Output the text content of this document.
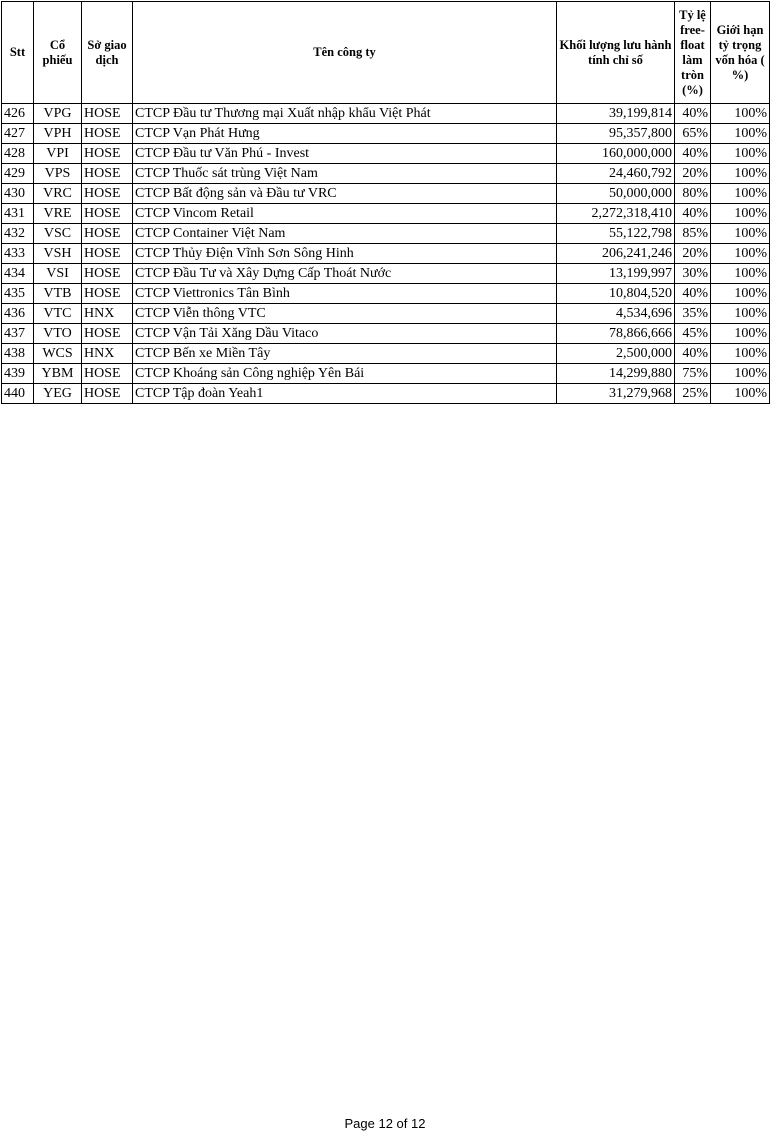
Stt	Cổ phiếu	Sở giao dịch	Tên công ty	Khối lượng lưu hành tính chỉ số	Tỷ lệ free-float làm tròn (%)	Giới hạn tỷ trọng vốn hóa ( %)
426	VPG	HOSE	CTCP Đầu tư Thương mại Xuất nhập khẩu Việt Phát	39,199,814	40%	100%
427	VPH	HOSE	CTCP Vạn Phát Hưng	95,357,800	65%	100%
428	VPI	HOSE	CTCP Đầu tư Văn Phú - Invest	160,000,000	40%	100%
429	VPS	HOSE	CTCP Thuốc sát trùng Việt Nam	24,460,792	20%	100%
430	VRC	HOSE	CTCP Bất động sản và Đầu tư VRC	50,000,000	80%	100%
431	VRE	HOSE	CTCP Vincom Retail	2,272,318,410	40%	100%
432	VSC	HOSE	CTCP Container Việt Nam	55,122,798	85%	100%
433	VSH	HOSE	CTCP Thủy Điện Vĩnh Sơn Sông Hinh	206,241,246	20%	100%
434	VSI	HOSE	CTCP Đầu Tư và Xây Dựng Cấp Thoát Nước	13,199,997	30%	100%
435	VTB	HOSE	CTCP Viettronics Tân Bình	10,804,520	40%	100%
436	VTC	HNX	CTCP Viễn thông VTC	4,534,696	35%	100%
437	VTO	HOSE	CTCP Vận Tải Xăng Dầu Vitaco	78,866,666	45%	100%
438	WCS	HNX	CTCP Bến xe Miền Tây	2,500,000	40%	100%
439	YBM	HOSE	CTCP Khoáng sản Công nghiệp Yên Bái	14,299,880	75%	100%
440	YEG	HOSE	CTCP Tập đoàn Yeah1	31,279,968	25%	100%
Page 12 of 12
